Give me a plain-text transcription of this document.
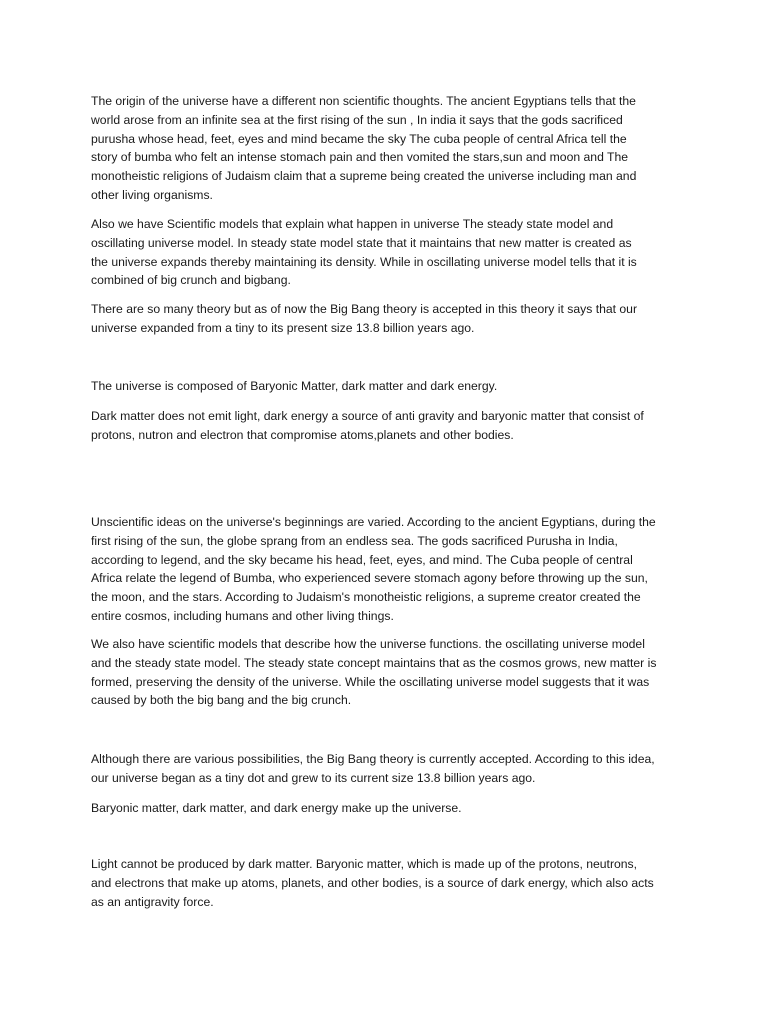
The origin of the universe have a different non scientific thoughts. The ancient Egyptians tells that the
world arose from an infinite sea at the first rising of the sun , In india it says that the gods sacrificed
purusha whose head, feet, eyes and mind became the sky The cuba people of central Africa tell the
story of bumba who felt an intense stomach pain and then vomited the stars,sun and moon and The
monotheistic religions of Judaism claim that a supreme being created the universe including man and
other living organisms.

Also we have Scientific models that explain what happen in universe The steady state model and
oscillating universe model. In steady state model state that it maintains that new matter is created as
the universe expands thereby maintaining its density. While in oscillating universe model tells that it is
combined of big crunch and bigbang.

There are so many theory but as of now the Big Bang theory is accepted in this theory it says that our
universe expanded from a tiny to its present size 13.8 billion years ago.

The universe is composed of Baryonic Matter, dark matter and dark energy.

Dark matter does not emit light, dark energy a source of anti gravity and baryonic matter that consist of
protons, nutron and electron that compromise atoms,planets and other bodies.

Unscientific ideas on the universe's beginnings are varied. According to the ancient Egyptians, during the
first rising of the sun, the globe sprang from an endless sea. The gods sacrificed Purusha in India,
according to legend, and the sky became his head, feet, eyes, and mind. The Cuba people of central
Africa relate the legend of Bumba, who experienced severe stomach agony before throwing up the sun,
the moon, and the stars. According to Judaism's monotheistic religions, a supreme creator created the
entire cosmos, including humans and other living things.

We also have scientific models that describe how the universe functions. the oscillating universe model
and the steady state model. The steady state concept maintains that as the cosmos grows, new matter is
formed, preserving the density of the universe. While the oscillating universe model suggests that it was
caused by both the big bang and the big crunch.

Although there are various possibilities, the Big Bang theory is currently accepted. According to this idea,
our universe began as a tiny dot and grew to its current size 13.8 billion years ago.

Baryonic matter, dark matter, and dark energy make up the universe.

Light cannot be produced by dark matter. Baryonic matter, which is made up of the protons, neutrons,
and electrons that make up atoms, planets, and other bodies, is a source of dark energy, which also acts
as an antigravity force.
